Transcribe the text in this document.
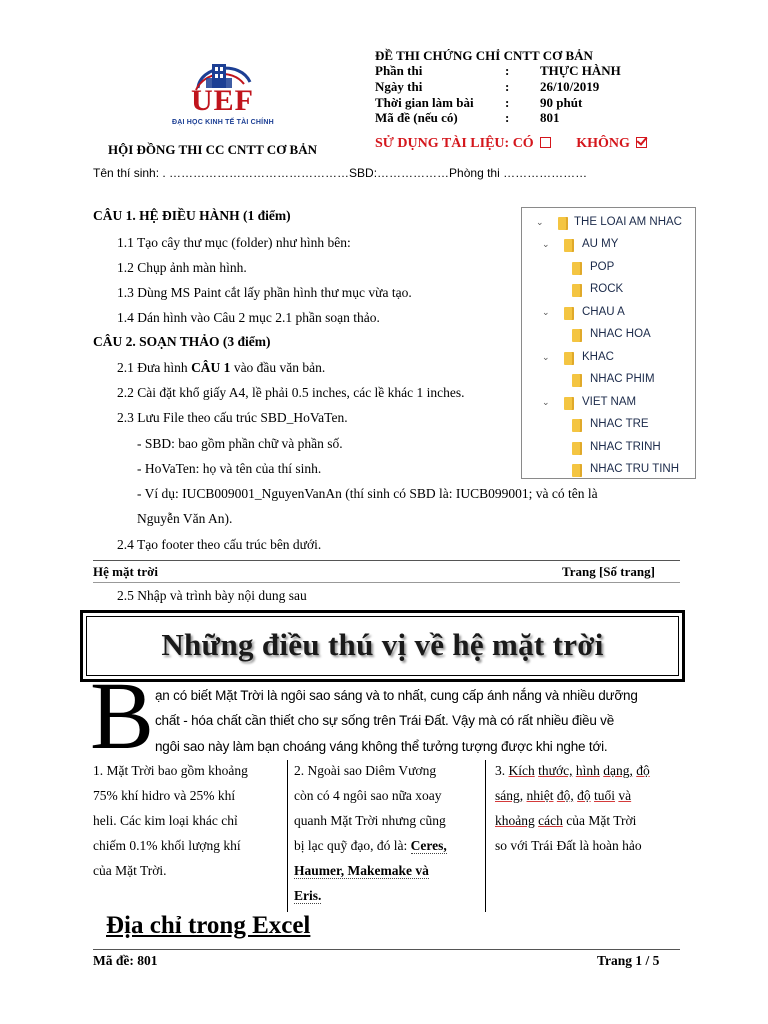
UEF
ĐẠI HỌC KINH TẾ TÀI CHÍNH
ĐỀ THI CHỨNG CHỈ CNTT CƠ BẢN
Phần thi	: THỰC HÀNH
Ngày thi	: 26/10/2019
Thời gian làm bài : 90 phút
Mã đề (nếu có)	: 801
HỘI ĐỒNG THI CC CNTT CƠ BẢN	SỬ DỤNG TÀI LIỆU: CÓ	KHÔNG
Tên thí sinh: . ………………………………………SBD:………………Phòng thi …………………
CÂU 1. HỆ ĐIỀU HÀNH (1 điểm)
1.1 Tạo cây thư mục (folder) như hình bên:
1.2 Chụp ảnh màn hình.
1.3 Dùng MS Paint cắt lấy phần hình thư mục vừa tạo.
1.4 Dán hình vào Câu 2 mục 2.1 phần soạn thảo.
CÂU 2. SOẠN THẢO (3 điểm)
2.1 Đưa hình CÂU 1 vào đầu văn bản.
2.2 Cài đặt khổ giấy A4, lề phải 0.5 inches, các lề khác 1 inches.
2.3 Lưu File theo cấu trúc SBD_HoVaTen.
- SBD: bao gồm phần chữ và phần số.
- HoVaTen: họ và tên của thí sinh.
- Ví dụ: IUCB009001_NguyenVanAn (thí sinh có SBD là: IUCB099001; và có tên là
Nguyễn Văn An).
2.4 Tạo footer theo cấu trúc bên dưới.
⌄	THE LOAI AM NHAC
⌄	AU MY
POP
ROCK
⌄	CHAU A
NHAC HOA
⌄	KHAC
NHAC PHIM
⌄	VIET NAM
NHAC TRE
NHAC TRINH
NHAC TRU TINH
Hệ mặt trời	Trang [Số trang]
2.5 Nhập và trình bày nội dung sau
Những điều thú vị về hệ mặt trời
B ạn có biết Mặt Trời là ngôi sao sáng và to nhất, cung cấp ánh nắng và nhiều dưỡng
chất - hóa chất cần thiết cho sự sống trên Trái Đất. Vậy mà có rất nhiều điều về
ngôi sao này làm bạn choáng váng không thể tưởng tượng được khi nghe tới.
1. Mặt Trời bao gồm khoảng
75% khí hidro và 25% khí
heli. Các kim loại khác chỉ
chiếm 0.1% khối lượng khí
của Mặt Trời.
2. Ngoài sao Diêm Vương
còn có 4 ngôi sao nữa xoay
quanh Mặt Trời nhưng cũng
bị lạc quỹ đạo, đó là: Ceres,
Haumer, Makemake và
Eris.
3. Kích thước, hình dạng, độ
sáng, nhiệt độ, độ tuổi và
khoảng cách của Mặt Trời
so với Trái Đất là hoàn hảo
Địa chỉ trong Excel
Mã đề: 801	Trang 1 / 5
